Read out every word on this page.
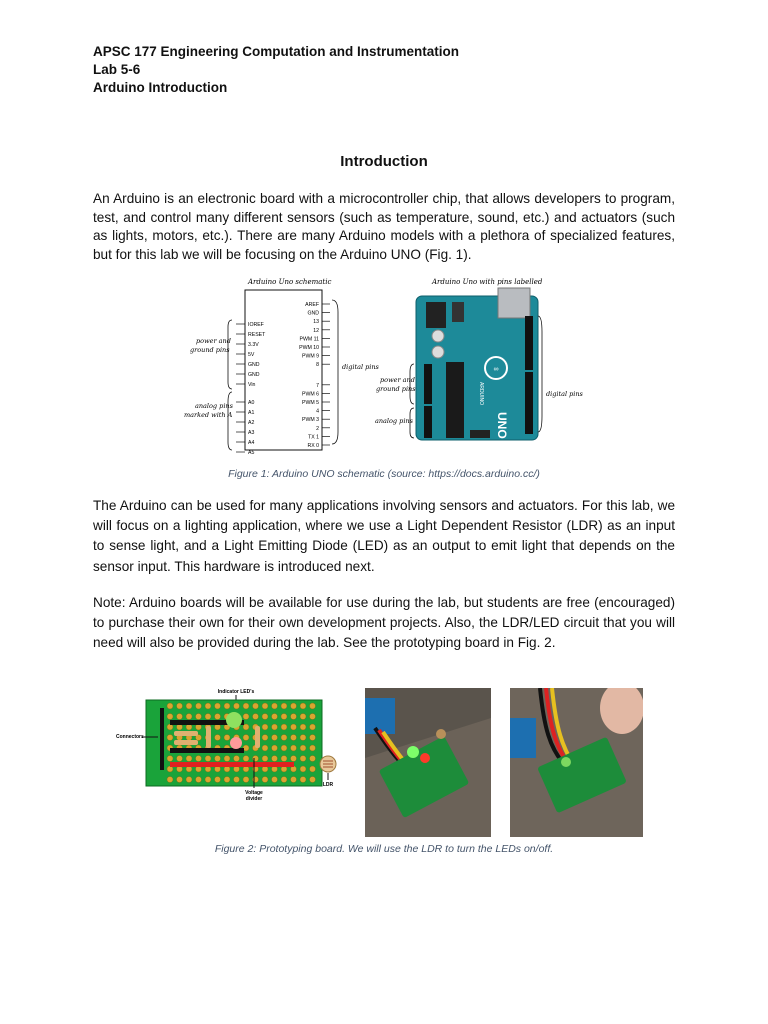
APSC 177 Engineering Computation and Instrumentation
Lab 5-6
Arduino Introduction
Introduction
An Arduino is an electronic board with a microcontroller chip, that allows developers to program, test, and control many different sensors (such as temperature, sound, etc.) and actuators (such as lights, motors, etc.). There are many Arduino models with a plethora of specialized features, but for this lab we will be focusing on the Arduino UNO (Fig. 1).
Arduino Uno schematic
IOREF
RESET
3.3V
5V
GND
GND
Vin
A0
A1
A2
A3
A4
A5
AREF
GND
13
12
PWM 11
PWM 10
PWM 9
8
7
PWM 6
PWM 5
4
PWM 3
2
TX 1
RX 0
power and
ground pins
analog pins
marked with A
digital pins
Arduino Uno with pins labelled
∞
UNO
ARDUINO
power and
ground pins
analog pins
digital pins
Figure 1: Arduino UNO schematic (source: https://docs.arduino.cc/)
The Arduino can be used for many applications involving sensors and actuators. For this lab, we will focus on a lighting application, where we use a Light Dependent Resistor (LDR) as an input to sense light, and a Light Emitting Diode (LED) as an output to emit light that depends on the sensor input. This hardware is introduced next.
Note: Arduino boards will be available for use during the lab, but students are free (encouraged) to purchase their own for their own development projects. Also, the LDR/LED circuit that you will need will also be provided during the lab. See the prototyping board in Fig. 2.
Indicator LED's
LDR
Connectors
Voltage
divider
Figure 2: Prototyping board. We will use the LDR to turn the LEDs on/off.
